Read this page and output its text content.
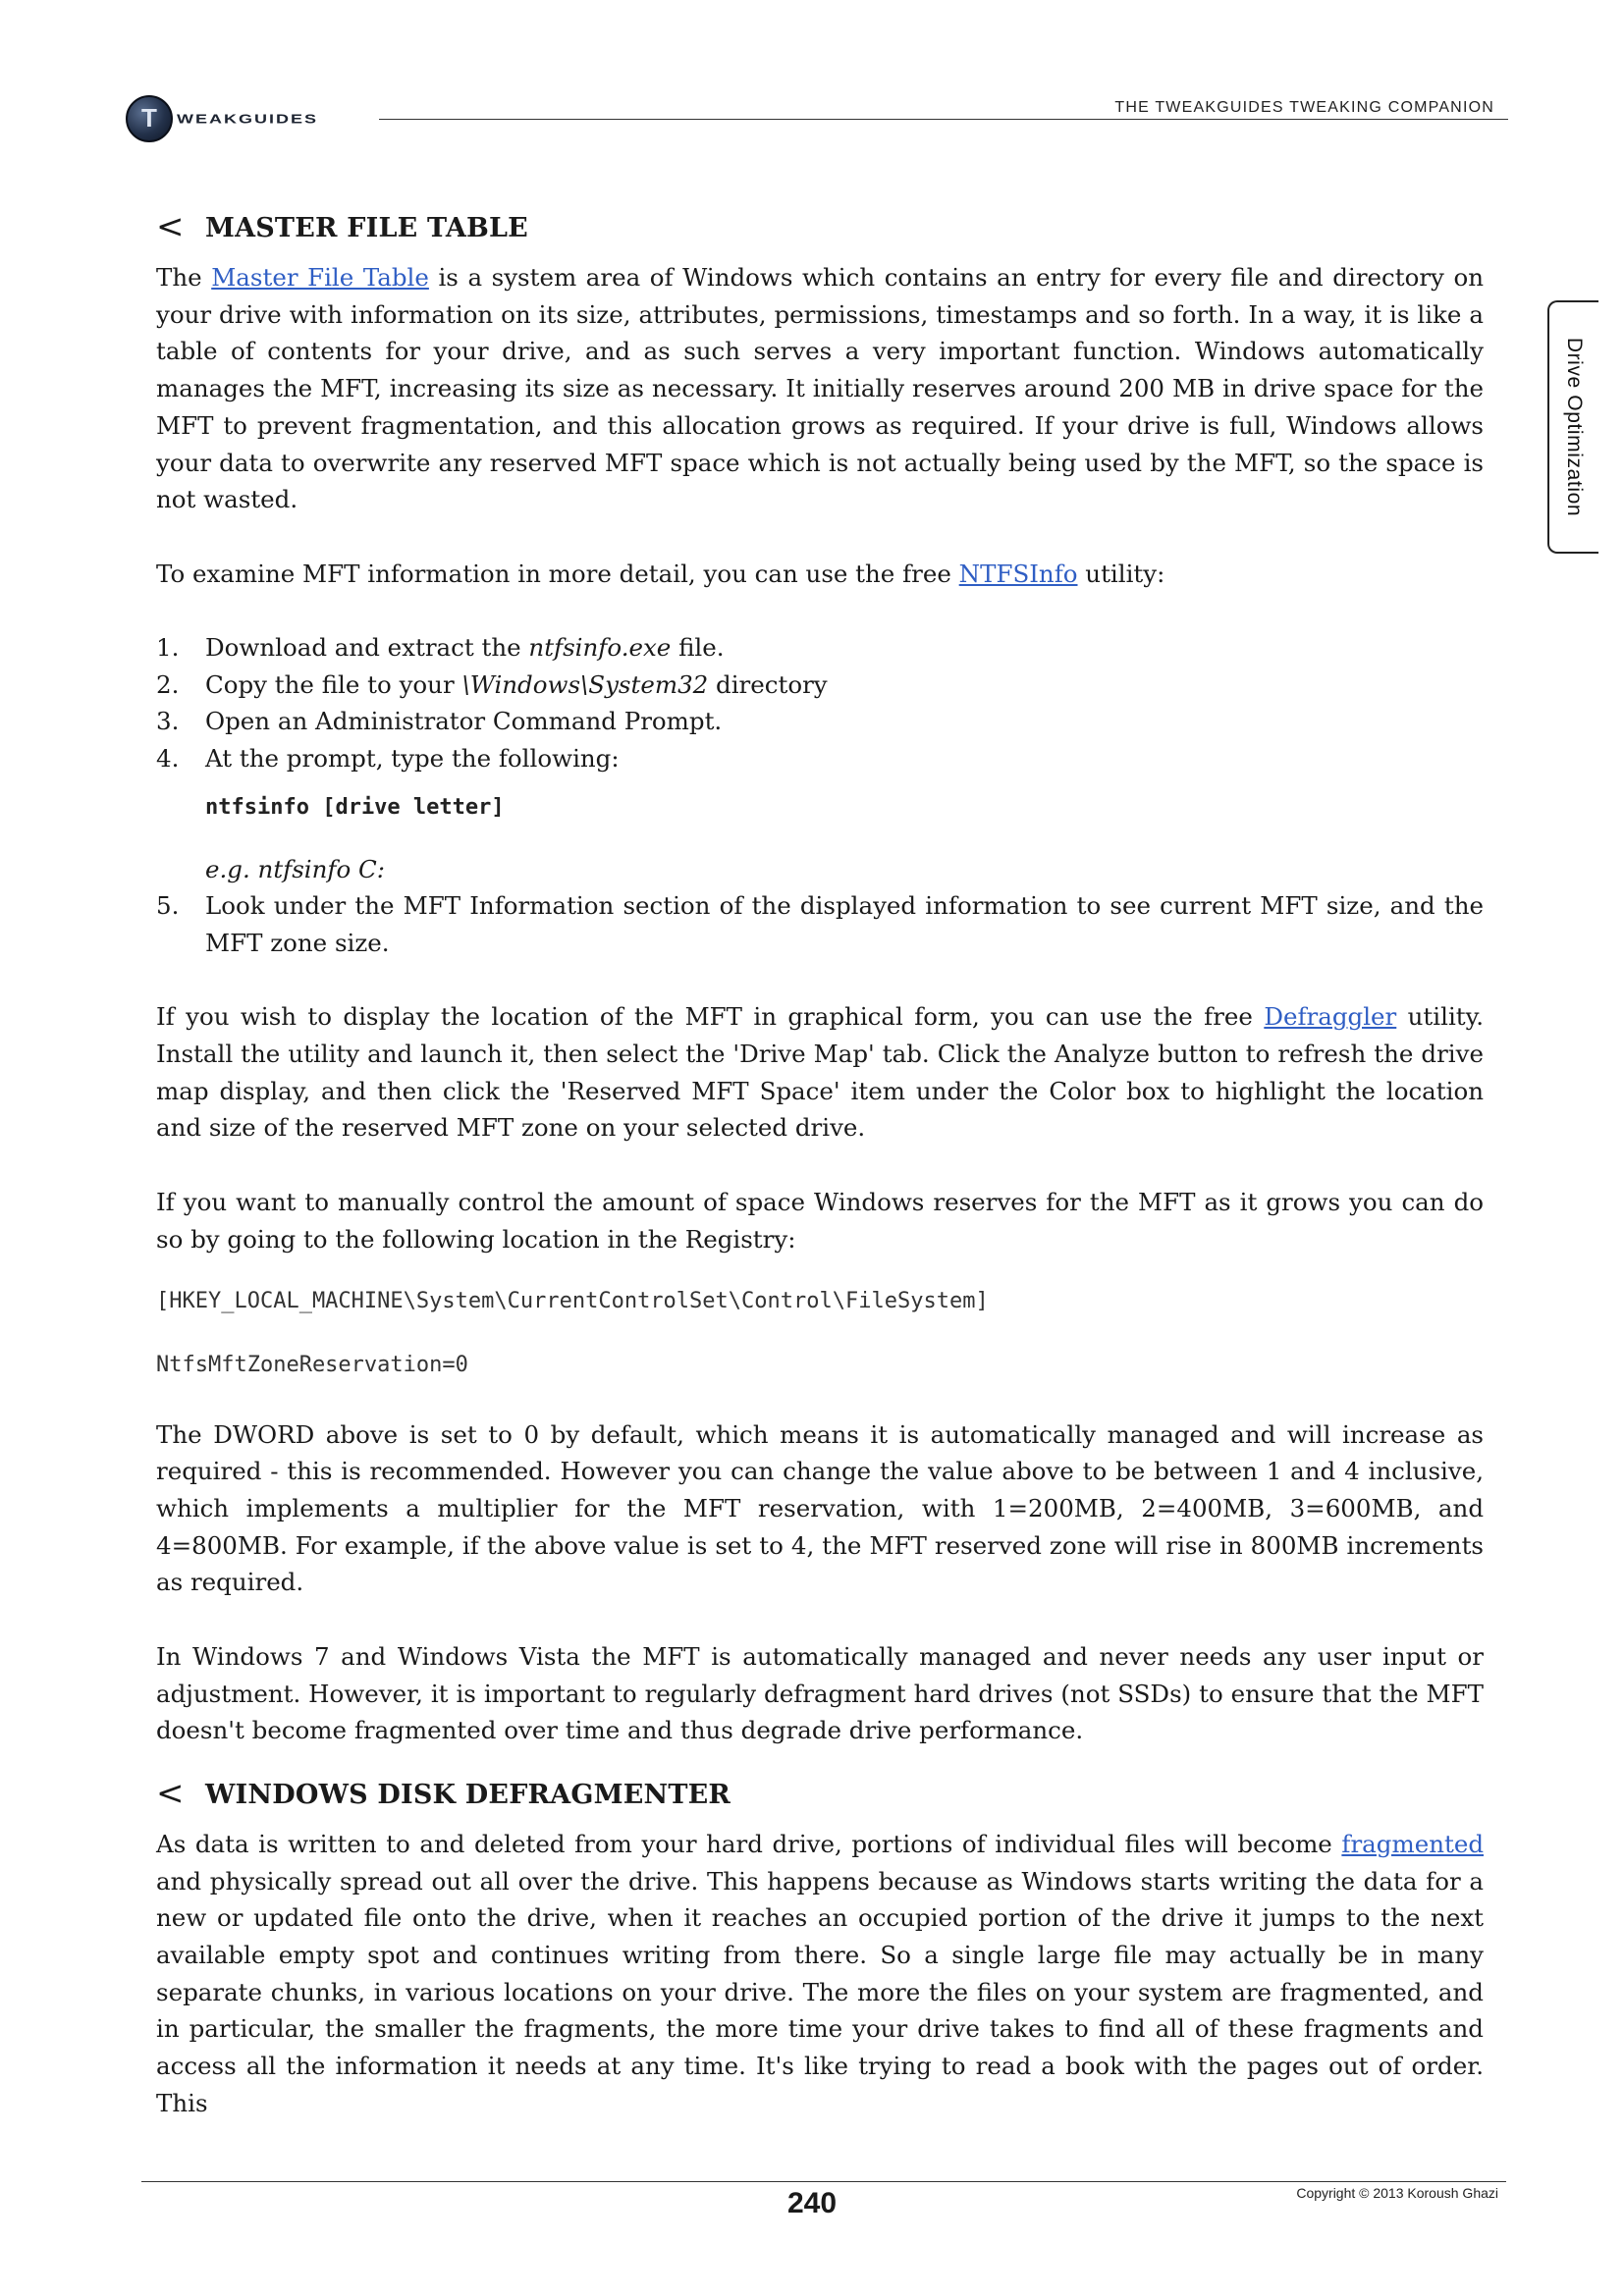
T	WEAKGUIDES
THE TWEAKGUIDES TWEAKING COMPANION
Drive Optimization
< MASTER FILE TABLE

The Master File Table is a system area of Windows which contains an entry for every file and directory on your drive with information on its size, attributes, permissions, timestamps and so forth. In a way, it is like a table of contents for your drive, and as such serves a very important function. Windows automatically manages the MFT, increasing its size as necessary. It initially reserves around 200 MB in drive space for the MFT to prevent fragmentation, and this allocation grows as required. If your drive is full, Windows allows your data to overwrite any reserved MFT space which is not actually being used by the MFT, so the space is not wasted.

To examine MFT information in more detail, you can use the free NTFSInfo utility:

1. Download and extract the ntfsinfo.exe file.
2. Copy the file to your \Windows\System32 directory
3. Open an Administrator Command Prompt.
4. At the prompt, type the following:
ntfsinfo [drive letter]
e.g. ntfsinfo C:
5. Look under the MFT Information section of the displayed information to see current MFT size, and the MFT zone size.

If you wish to display the location of the MFT in graphical form, you can use the free Defraggler utility. Install the utility and launch it, then select the 'Drive Map' tab. Click the Analyze button to refresh the drive map display, and then click the 'Reserved MFT Space' item under the Color box to highlight the location and size of the reserved MFT zone on your selected drive.

If you want to manually control the amount of space Windows reserves for the MFT as it grows you can do so by going to the following location in the Registry:

[HKEY_LOCAL_MACHINE\System\CurrentControlSet\Control\FileSystem]
NtfsMftZoneReservation=0

The DWORD above is set to 0 by default, which means it is automatically managed and will increase as required - this is recommended. However you can change the value above to be between 1 and 4 inclusive, which implements a multiplier for the MFT reservation, with 1=200MB, 2=400MB, 3=600MB, and 4=800MB. For example, if the above value is set to 4, the MFT reserved zone will rise in 800MB increments as required.

In Windows 7 and Windows Vista the MFT is automatically managed and never needs any user input or adjustment. However, it is important to regularly defragment hard drives (not SSDs) to ensure that the MFT doesn't become fragmented over time and thus degrade drive performance.

< WINDOWS DISK DEFRAGMENTER

As data is written to and deleted from your hard drive, portions of individual files will become fragmented and physically spread out all over the drive. This happens because as Windows starts writing the data for a new or updated file onto the drive, when it reaches an occupied portion of the drive it jumps to the next available empty spot and continues writing from there. So a single large file may actually be in many separate chunks, in various locations on your drive. The more the files on your system are fragmented, and in particular, the smaller the fragments, the more time your drive takes to find all of these fragments and access all the information it needs at any time. It's like trying to read a book with the pages out of order. This

240	Copyright © 2013 Koroush Ghazi
